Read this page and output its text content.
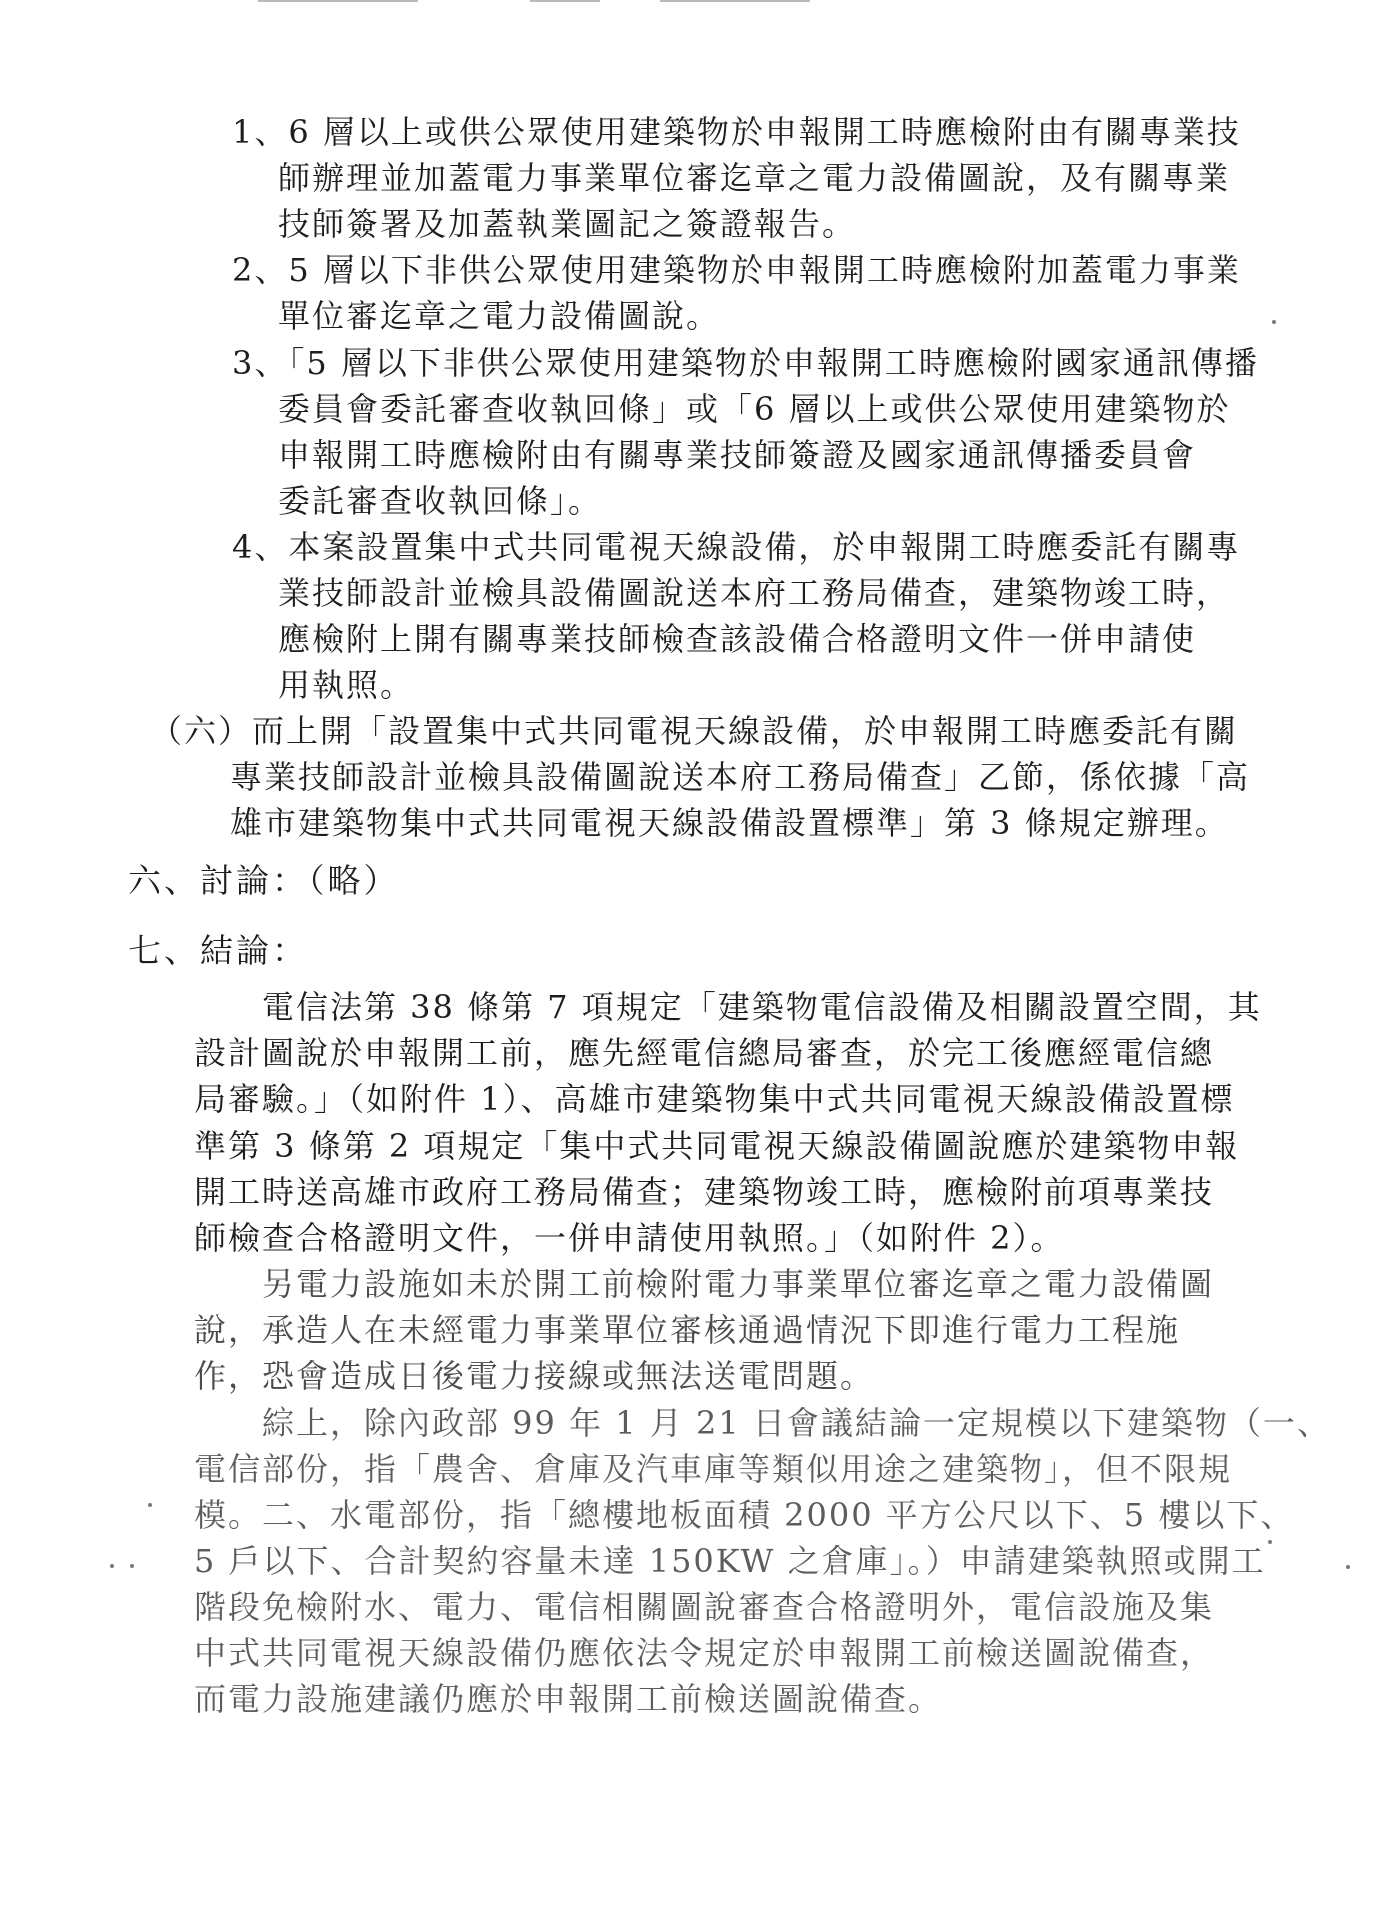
1、6 層以上或供公眾使用建築物於申報開工時應檢附由有關專業技
師辦理並加蓋電力事業單位審迄章之電力設備圖說，及有關專業
技師簽署及加蓋執業圖記之簽證報告。
2、5 層以下非供公眾使用建築物於申報開工時應檢附加蓋電力事業
單位審迄章之電力設備圖說。
3、「5 層以下非供公眾使用建築物於申報開工時應檢附國家通訊傳播
委員會委託審查收執回條」或「6 層以上或供公眾使用建築物於
申報開工時應檢附由有關專業技師簽證及國家通訊傳播委員會
委託審查收執回條」。
4、本案設置集中式共同電視天線設備，於申報開工時應委託有關專
業技師設計並檢具設備圖說送本府工務局備查，建築物竣工時，
應檢附上開有關專業技師檢查該設備合格證明文件一併申請使
用執照。
（六）而上開「設置集中式共同電視天線設備，於申報開工時應委託有關
專業技師設計並檢具設備圖說送本府工務局備查」乙節，係依據「高
雄市建築物集中式共同電視天線設備設置標準」第 3 條規定辦理。
六、討論：（略）
七、結論：
電信法第 38 條第 7 項規定「建築物電信設備及相關設置空間，其
設計圖說於申報開工前，應先經電信總局審查，於完工後應經電信總
局審驗。」（如附件 1）、高雄市建築物集中式共同電視天線設備設置標
準第 3 條第 2 項規定「集中式共同電視天線設備圖說應於建築物申報
開工時送高雄市政府工務局備查；建築物竣工時，應檢附前項專業技
師檢查合格證明文件，一併申請使用執照。」（如附件 2）。
另電力設施如未於開工前檢附電力事業單位審迄章之電力設備圖
說，承造人在未經電力事業單位審核通過情況下即進行電力工程施
作，恐會造成日後電力接線或無法送電問題。
綜上，除內政部 99 年 1 月 21 日會議結論一定規模以下建築物（一、
電信部份，指「農舍、倉庫及汽車庫等類似用途之建築物」，但不限規
模。二、水電部份，指「總樓地板面積 2000 平方公尺以下、5 樓以下、
5 戶以下、合計契約容量未達 150KW 之倉庫」。）申請建築執照或開工
階段免檢附水、電力、電信相關圖說審查合格證明外，電信設施及集
中式共同電視天線設備仍應依法令規定於申報開工前檢送圖說備查，
而電力設施建議仍應於申報開工前檢送圖說備查。
